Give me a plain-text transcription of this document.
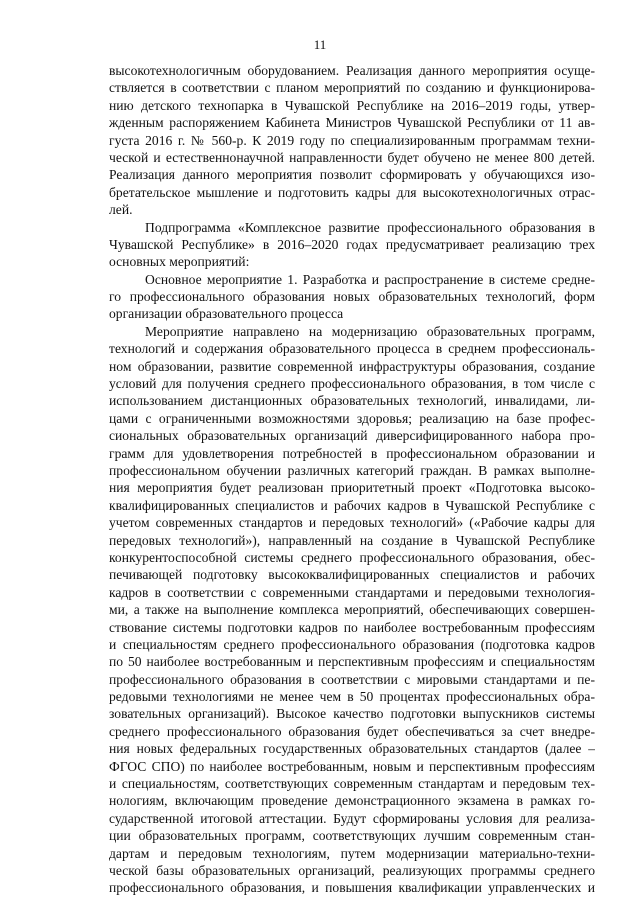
11
высокотехнологичным оборудованием. Реализация данного мероприятия осуще-
ствляется в соответствии с планом мероприятий по созданию и функционирова-
нию детского технопарка в Чувашской Республике на 2016–2019 годы, утвер-
жденным распоряжением Кабинета Министров Чувашской Республики от 11 ав-
густа 2016 г. № 560-р. К 2019 году по специализированным программам техни-
ческой и естественнонаучной направленности будет обучено не менее 800 детей.
Реализация данного мероприятия позволит сформировать у обучающихся изо-
бретательское мышление и подготовить кадры для высокотехнологичных отрас-
лей.
Подпрограмма «Комплексное развитие профессионального образования в
Чувашской Республике» в 2016–2020 годах предусматривает реализацию трех
основных мероприятий:
Основное мероприятие 1. Разработка и распространение в системе средне-
го профессионального образования новых образовательных технологий, форм
организации образовательного процесса
Мероприятие направлено на модернизацию образовательных программ,
технологий и содержания образовательного процесса в среднем профессиональ-
ном образовании, развитие современной инфраструктуры образования, создание
условий для получения среднего профессионального образования, в том числе с
использованием дистанционных образовательных технологий, инвалидами, ли-
цами с ограниченными возможностями здоровья; реализацию на базе профес-
сиональных образовательных организаций диверсифицированного набора про-
грамм для удовлетворения потребностей в профессиональном образовании и
профессиональном обучении различных категорий граждан. В рамках выполне-
ния мероприятия будет реализован приоритетный проект «Подготовка высоко-
квалифицированных специалистов и рабочих кадров в Чувашской Республике с
учетом современных стандартов и передовых технологий» («Рабочие кадры для
передовых технологий»), направленный на создание в Чувашской Республике
конкурентоспособной системы среднего профессионального образования, обес-
печивающей подготовку высококвалифицированных специалистов и рабочих
кадров в соответствии с современными стандартами и передовыми технология-
ми, а также на выполнение комплекса мероприятий, обеспечивающих совершен-
ствование системы подготовки кадров по наиболее востребованным профессиям
и специальностям среднего профессионального образования (подготовка кадров
по 50 наиболее востребованным и перспективным профессиям и специальностям
профессионального образования в соответствии с мировыми стандартами и пе-
редовыми технологиями не менее чем в 50 процентах профессиональных обра-
зовательных организаций). Высокое качество подготовки выпускников системы
среднего профессионального образования будет обеспечиваться за счет внедре-
ния новых федеральных государственных образовательных стандартов (далее –
ФГОС СПО) по наиболее востребованным, новым и перспективным профессиям
и специальностям, соответствующих современным стандартам и передовым тех-
нологиям, включающим проведение демонстрационного экзамена в рамках го-
сударственной итоговой аттестации. Будут сформированы условия для реализа-
ции образовательных программ, соответствующих лучшим современным стан-
дартам и передовым технологиям, путем модернизации материально-техни-
ческой базы образовательных организаций, реализующих программы среднего
профессионального образования, и повышения квалификации управленческих и
